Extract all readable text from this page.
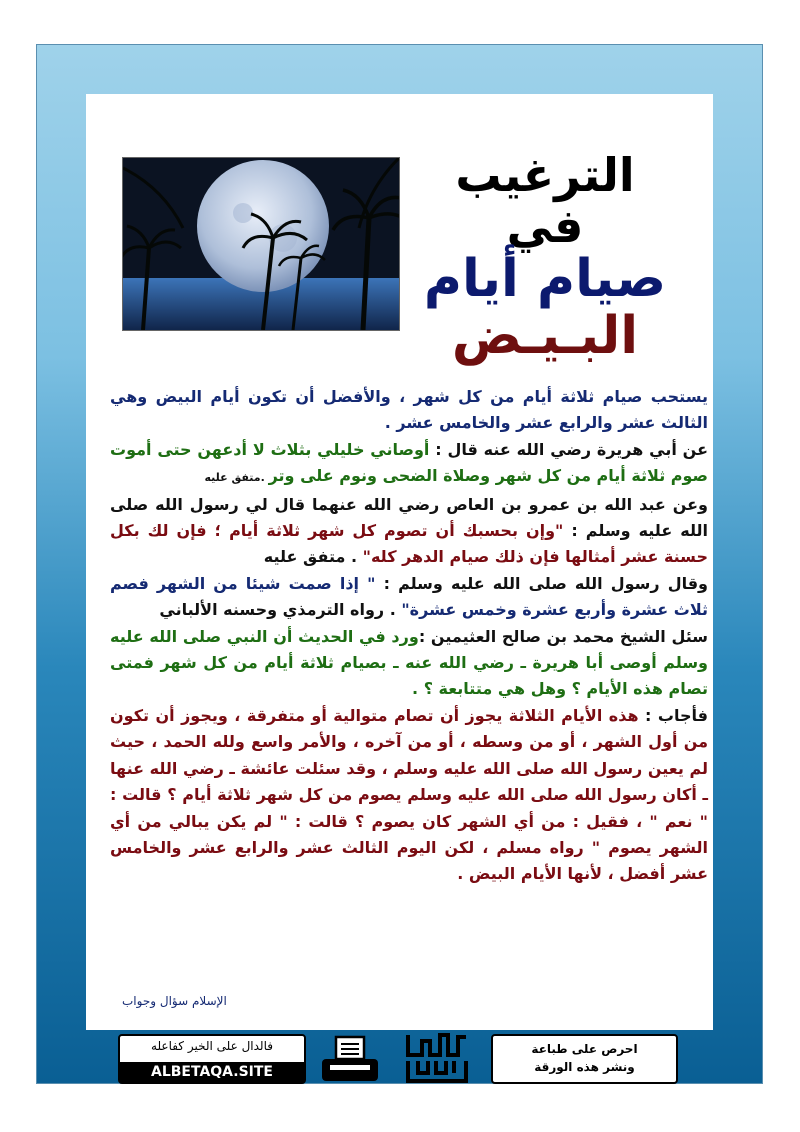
الترغيب في
صيام أيام
البـيـض

يستحب صيام ثلاثة أيام من كل شهر ، والأفضل أن تكون أيام البيض وهي الثالث عشر والرابع عشر والخامس عشر .

عن أبي هريرة رضي الله عنه قال : أوصاني خليلي بثلاث لا أدعهن حتى أموت صوم ثلاثة أيام من كل شهر وصلاة الضحى ونوم على وتر .متفق عليه

وعن عبد الله بن عمرو بن العاص رضي الله عنهما قال لي رسول الله صلى الله عليه وسلم : "وإن بحسبك أن تصوم كل شهر ثلاثة أيام ؛ فإن لك بكل حسنة عشر أمثالها فإن ذلك صيام الدهر كله" . متفق عليه

وقال رسول الله صلى الله عليه وسلم : " إذا صمت شيئا من الشهر فصم ثلاث عشرة وأربع عشرة وخمس عشرة" . رواه الترمذي وحسنه الألباني

سئل الشيخ محمد بن صالح العثيمين :ورد في الحديث أن النبي صلى الله عليه وسلم أوصى أبا هريرة ـ رضي الله عنه ـ بصيام ثلاثة أيام من كل شهر فمتى تصام هذه الأيام ؟ وهل هي متتابعة ؟ .

فأجاب : هذه الأيام الثلاثة يجوز أن تصام متوالية أو متفرقة ، ويجوز أن تكون من أول الشهر ، أو من وسطه ، أو من آخره ، والأمر واسع ولله الحمد ، حيث لم يعين رسول الله صلى الله عليه وسلم ، وقد سئلت عائشة ـ رضي الله عنها ـ أكان رسول الله صلى الله عليه وسلم يصوم من كل شهر ثلاثة أيام ؟ قالت : " نعم " ، فقيل : من أي الشهر كان يصوم ؟ قالت : " لم يكن يبالي من أي الشهر يصوم " رواه مسلم ، لكن اليوم الثالث عشر والرابع عشر والخامس عشر أفضل ، لأنها الأيام البيض .

الإسلام سؤال وجواب
فالدال على الخير كفاعله
ALBETAQA.SITE
احرص على طباعة
ونشر هذه الورقة
